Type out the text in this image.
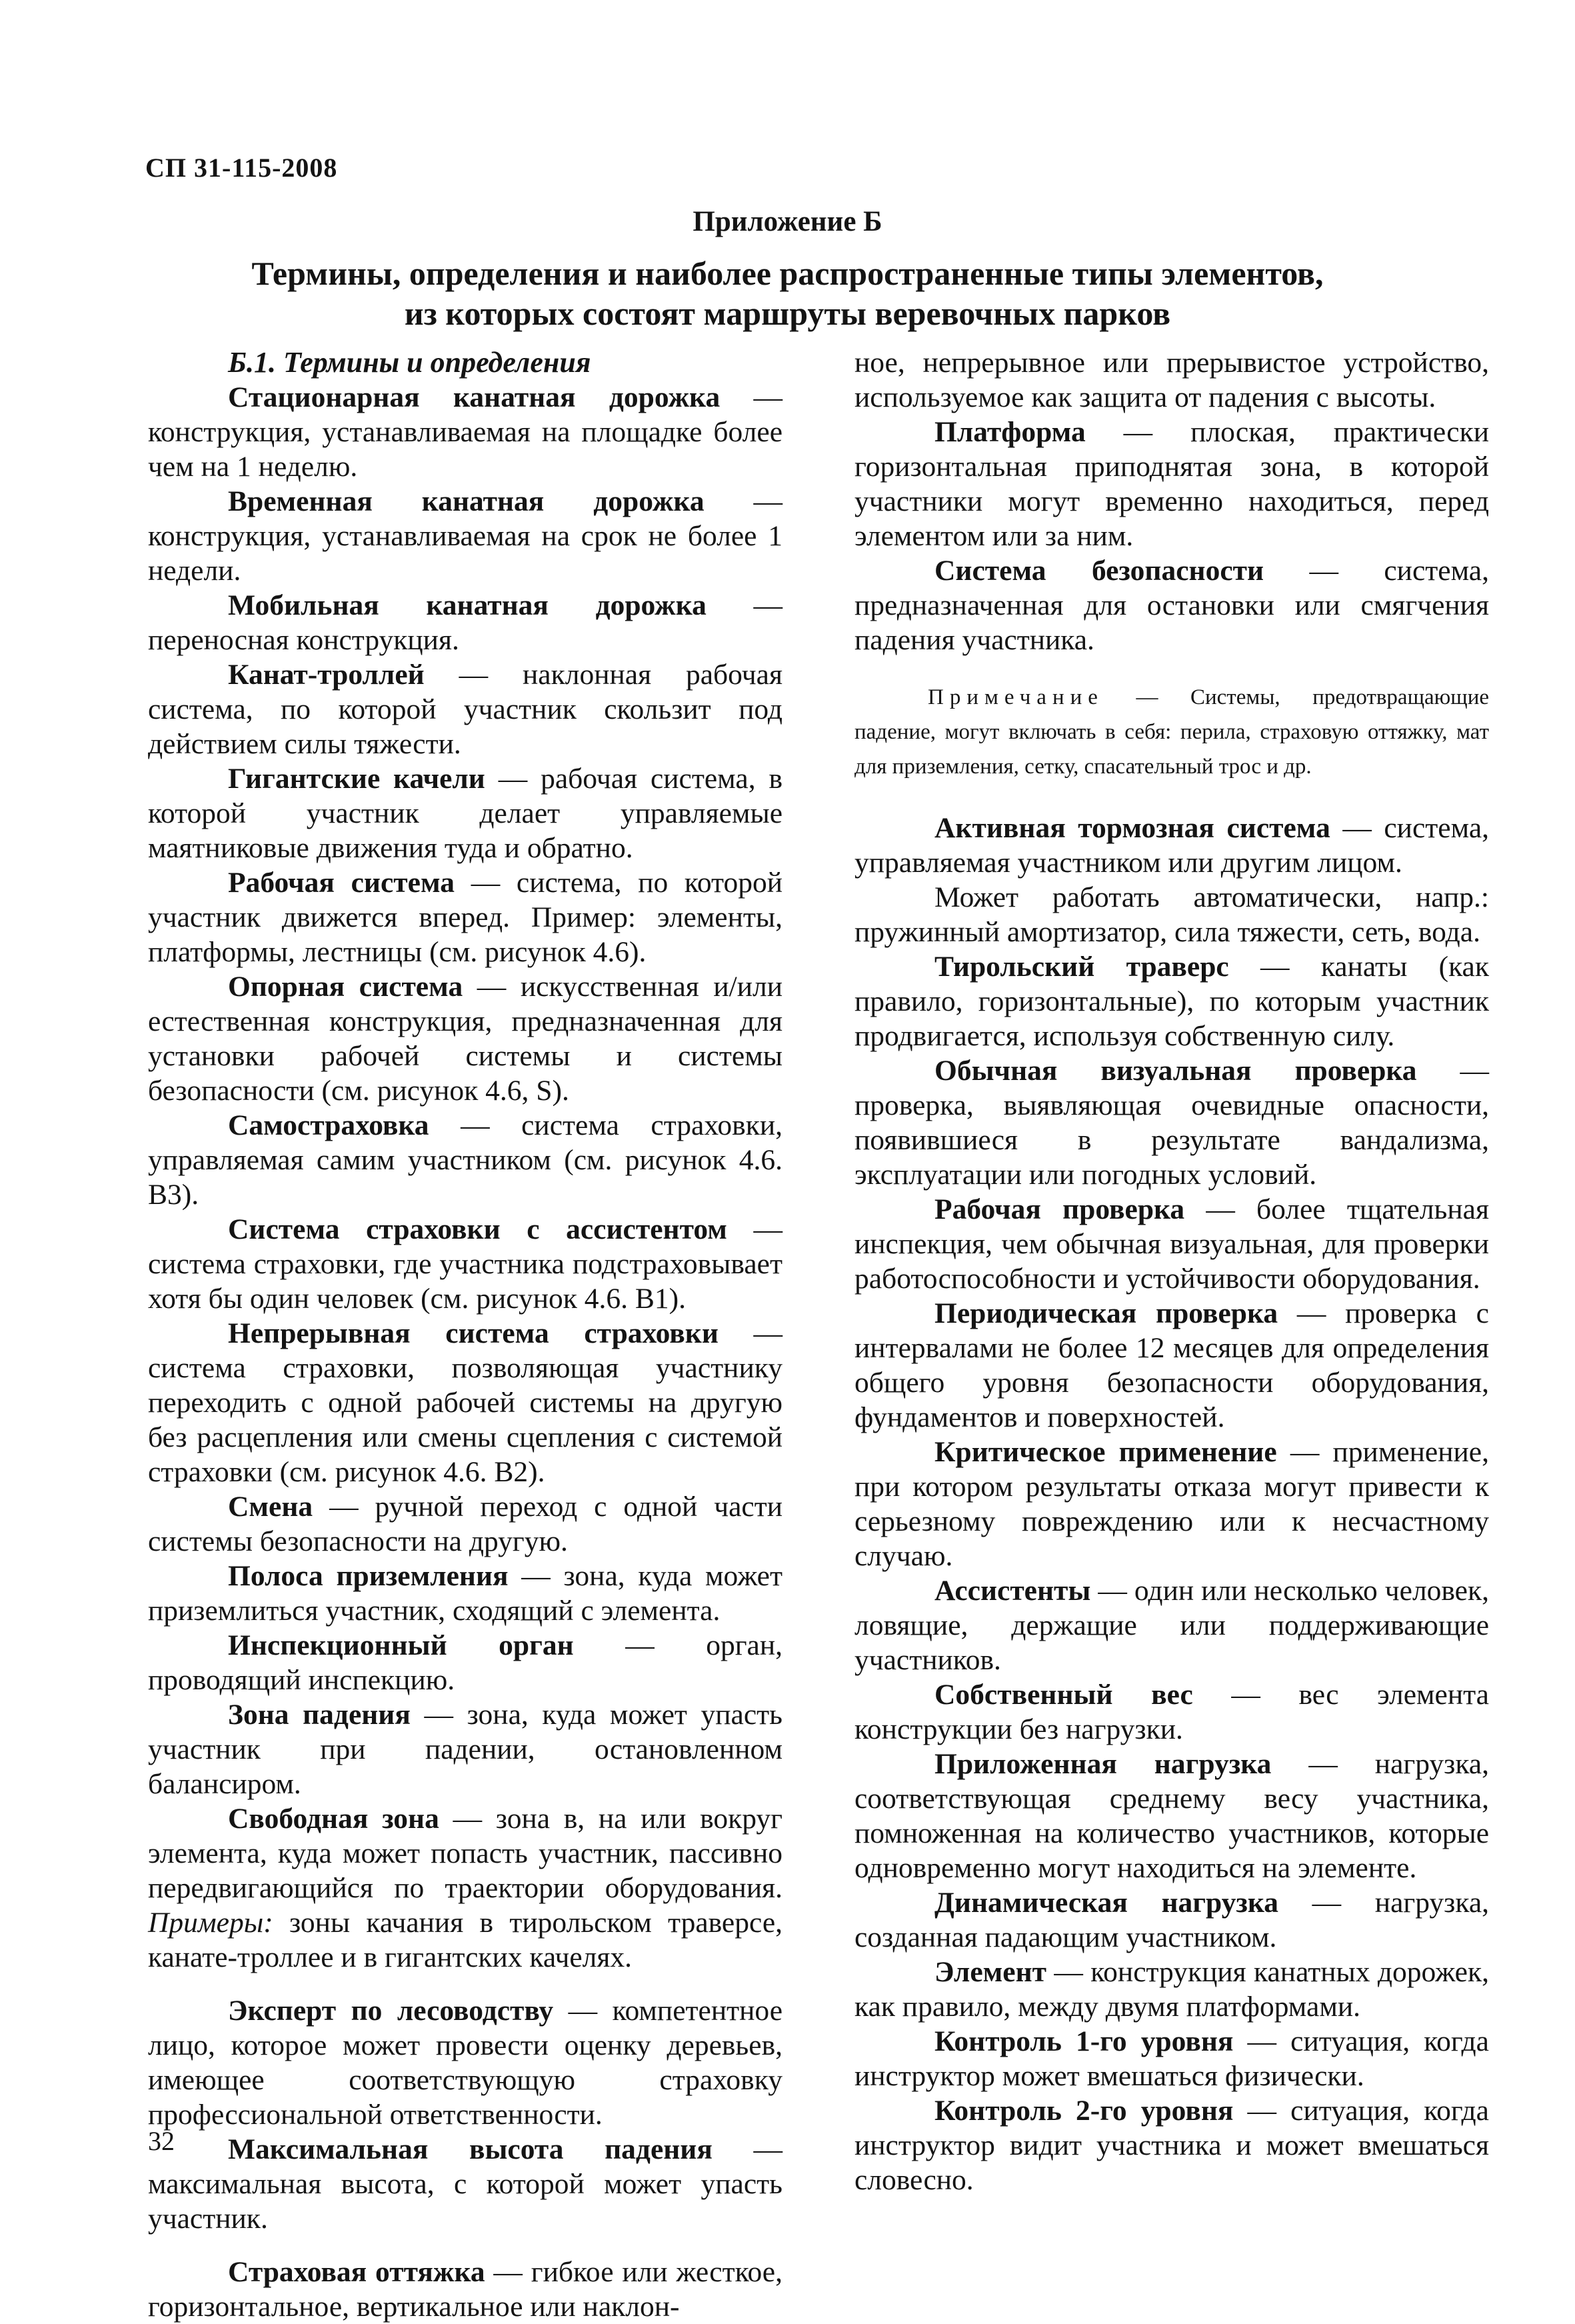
СП 31-115-2008
Приложение Б
Термины, определения и наиболее распространенные типы элементов,
из которых состоят маршруты веревочных парков

Б.1. Термины и определения

Стационарная канатная дорожка — конструкция, устанавливаемая на площадке более чем на 1 неделю.

Временная канатная дорожка — конструкция, устанавливаемая на срок не более 1 недели.

Мобильная канатная дорожка — переносная конструкция.

Канат-троллей — наклонная рабочая система, по которой участник скользит под действием силы тяжести.

Гигантские качели — рабочая система, в которой участник делает управляемые маятниковые движения туда и обратно.

Рабочая система — система, по которой участник движется вперед. Пример: элементы, платформы, лестницы (см. рисунок 4.6).

Опорная система — искусственная и/или естественная конструкция, предназначенная для установки рабочей системы и системы безопасности (см. рисунок 4.6, S).

Самостраховка — система страховки, управляемая самим участником (см. рисунок 4.6. В3).

Система страховки с ассистентом — система страховки, где участника подстраховывает хотя бы один человек (см. рисунок 4.6. В1).

Непрерывная система страховки — система страховки, позволяющая участнику переходить с одной рабочей системы на другую без расцепления или смены сцепления с системой страховки (см. рисунок 4.6. В2).

Смена — ручной переход с одной части системы безопасности на другую.

Полоса приземления — зона, куда может приземлиться участник, сходящий с элемента.

Инспекционный орган — орган, проводящий инспекцию.

Зона падения — зона, куда может упасть участник при падении, остановленном балансиром.

Свободная зона — зона в, на или вокруг элемента, куда может попасть участник, пассивно передвигающийся по траектории оборудования. Примеры: зоны качания в тирольском траверсе, канате-троллее и в гигантских качелях.

Эксперт по лесоводству — компетентное лицо, которое может провести оценку деревьев, имеющее соответствующую страховку профессиональной ответственности.

Максимальная высота падения — максимальная высота, с которой может упасть участник.

Страховая оттяжка — гибкое или жесткое, горизонтальное, вертикальное или наклон-

ное, непрерывное или прерывистое устройство, используемое как защита от падения с высоты.

Платформа — плоская, практически горизонтальная приподнятая зона, в которой участники могут временно находиться, перед элементом или за ним.

Система безопасности — система, предназначенная для остановки или смягчения падения участника.

Примечание — Системы, предотвращающие падение, могут включать в себя: перила, страховую оттяжку, мат для приземления, сетку, спасательный трос и др.

Активная тормозная система — система, управляемая участником или другим лицом.

Может работать автоматически, напр.: пружинный амортизатор, сила тяжести, сеть, вода.

Тирольский траверс — канаты (как правило, горизонтальные), по которым участник продвигается, используя собственную силу.

Обычная визуальная проверка — проверка, выявляющая очевидные опасности, появившиеся в результате вандализма, эксплуатации или погодных условий.

Рабочая проверка — более тщательная инспекция, чем обычная визуальная, для проверки работоспособности и устойчивости оборудования.

Периодическая проверка — проверка с интервалами не более 12 месяцев для определения общего уровня безопасности оборудования, фундаментов и поверхностей.

Критическое применение — применение, при котором результаты отказа могут привести к серьезному повреждению или к несчастному случаю.

Ассистенты — один или несколько человек, ловящие, держащие или поддерживающие участников.

Собственный вес — вес элемента конструкции без нагрузки.

Приложенная нагрузка — нагрузка, соответствующая среднему весу участника, помноженная на количество участников, которые одновременно могут находиться на элементе.

Динамическая нагрузка — нагрузка, созданная падающим участником.

Элемент — конструкция канатных дорожек, как правило, между двумя платформами.

Контроль 1-го уровня — ситуация, когда инструктор может вмешаться физически.

Контроль 2-го уровня — ситуация, когда инструктор видит участника и может вмешаться словесно.

32
